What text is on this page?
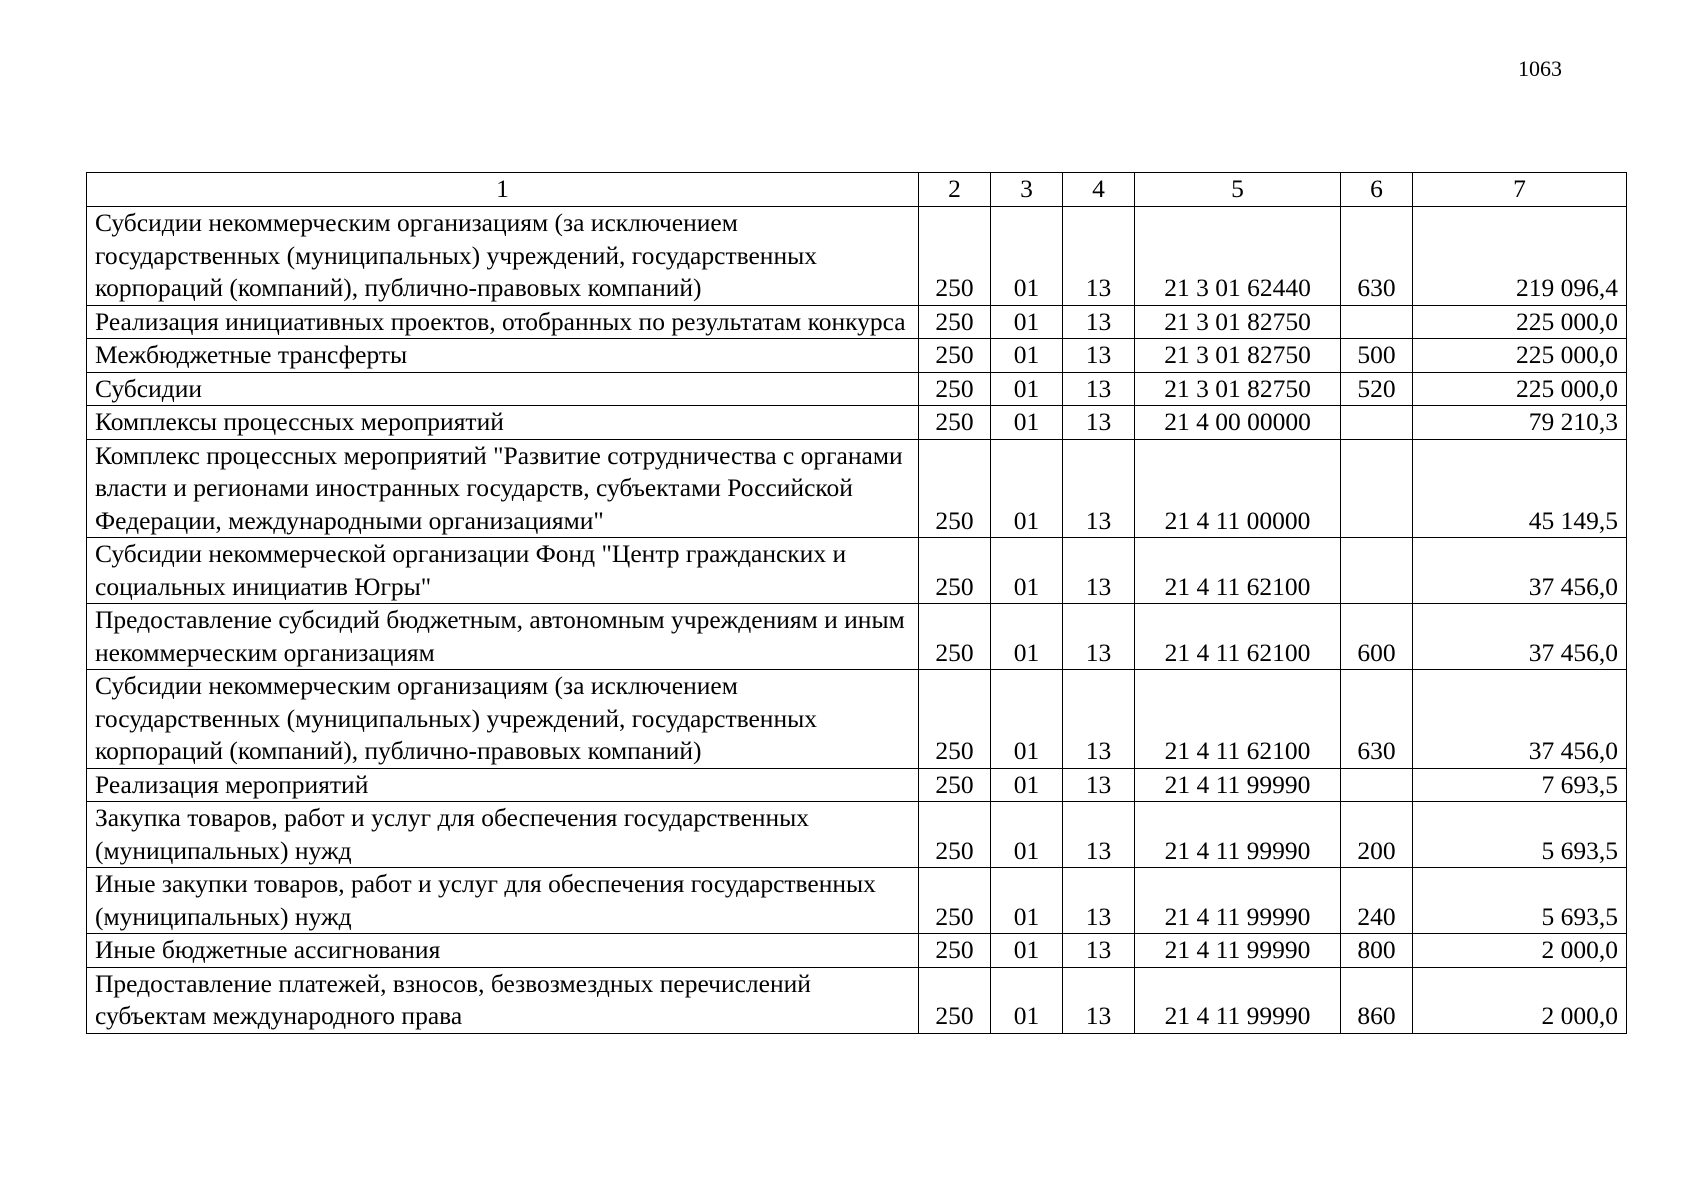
1063
1	2	3	4	5	6	7
Субсидии некоммерческим организациям (за исключением государственных (муниципальных) учреждений, государственных корпораций (компаний), публично-правовых компаний)	250	01	13	21 3 01 62440	630	219 096,4
Реализация инициативных проектов, отобранных по результатам конкурса	250	01	13	21 3 01 82750		225 000,0
Межбюджетные трансферты	250	01	13	21 3 01 82750	500	225 000,0
Субсидии	250	01	13	21 3 01 82750	520	225 000,0
Комплексы процессных мероприятий	250	01	13	21 4 00 00000		79 210,3
Комплекс процессных мероприятий "Развитие сотрудничества с органами власти и регионами иностранных государств, субъектами Российской Федерации, международными организациями"	250	01	13	21 4 11 00000		45 149,5
Субсидии некоммерческой организации Фонд "Центр гражданских и социальных инициатив Югры"	250	01	13	21 4 11 62100		37 456,0
Предоставление субсидий бюджетным, автономным учреждениям и иным некоммерческим организациям	250	01	13	21 4 11 62100	600	37 456,0
Субсидии некоммерческим организациям (за исключением государственных (муниципальных) учреждений, государственных корпораций (компаний), публично-правовых компаний)	250	01	13	21 4 11 62100	630	37 456,0
Реализация мероприятий	250	01	13	21 4 11 99990		7 693,5
Закупка товаров, работ и услуг для обеспечения государственных (муниципальных) нужд	250	01	13	21 4 11 99990	200	5 693,5
Иные закупки товаров, работ и услуг для обеспечения государственных (муниципальных) нужд	250	01	13	21 4 11 99990	240	5 693,5
Иные бюджетные ассигнования	250	01	13	21 4 11 99990	800	2 000,0
Предоставление платежей, взносов, безвозмездных перечислений субъектам международного права	250	01	13	21 4 11 99990	860	2 000,0
